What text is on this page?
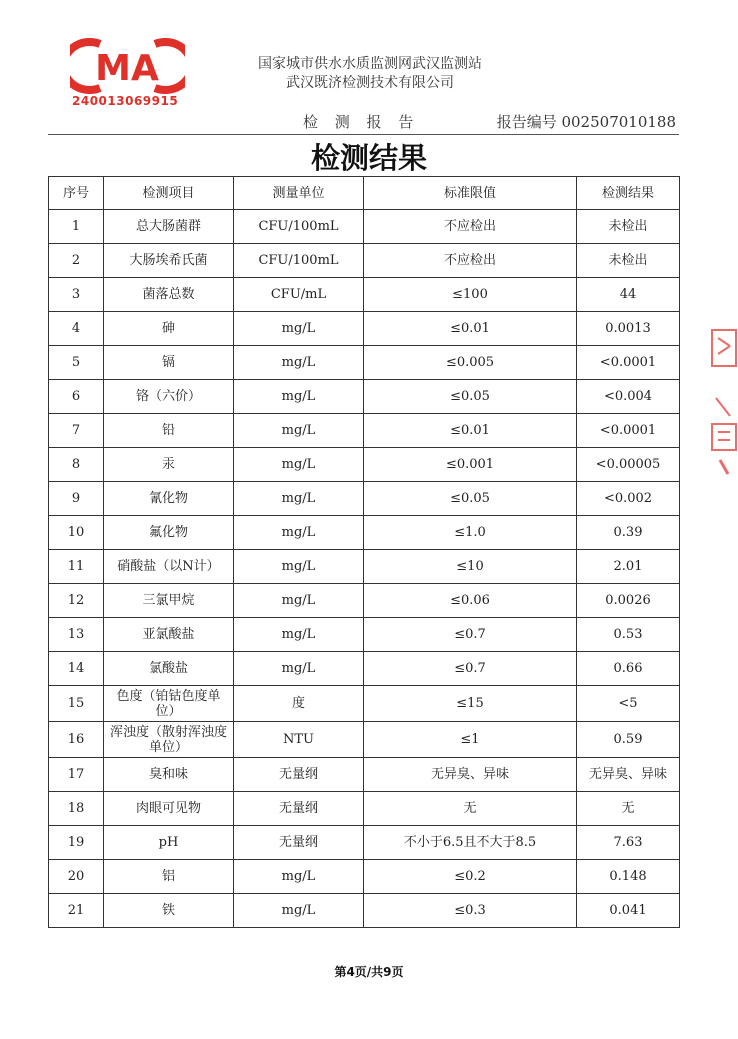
MA
240013069915
国家城市供水水质监测网武汉监测站
武汉既济检测技术有限公司
检 测 报 告	报告编号 002507010188
检测结果
序号	检测项目	测量单位	标准限值	检测结果
1	总大肠菌群	CFU/100mL	不应检出	未检出
2	大肠埃希氏菌	CFU/100mL	不应检出	未检出
3	菌落总数	CFU/mL	≤100	44
4	砷	mg/L	≤0.01	0.0013
5	镉	mg/L	≤0.005	<0.0001
6	铬（六价）	mg/L	≤0.05	<0.004
7	铅	mg/L	≤0.01	<0.0001
8	汞	mg/L	≤0.001	<0.00005
9	氰化物	mg/L	≤0.05	<0.002
10	氟化物	mg/L	≤1.0	0.39
11	硝酸盐（以N计）	mg/L	≤10	2.01
12	三氯甲烷	mg/L	≤0.06	0.0026
13	亚氯酸盐	mg/L	≤0.7	0.53
14	氯酸盐	mg/L	≤0.7	0.66
15	色度（铂钴色度单位）	度	≤15	<5
16	浑浊度（散射浑浊度单位）	NTU	≤1	0.59
17	臭和味	无量纲	无异臭、异味	无异臭、异味
18	肉眼可见物	无量纲	无	无
19	pH	无量纲	不小于6.5且不大于8.5	7.63
20	铝	mg/L	≤0.2	0.148
21	铁	mg/L	≤0.3	0.041
第4页/共9页
